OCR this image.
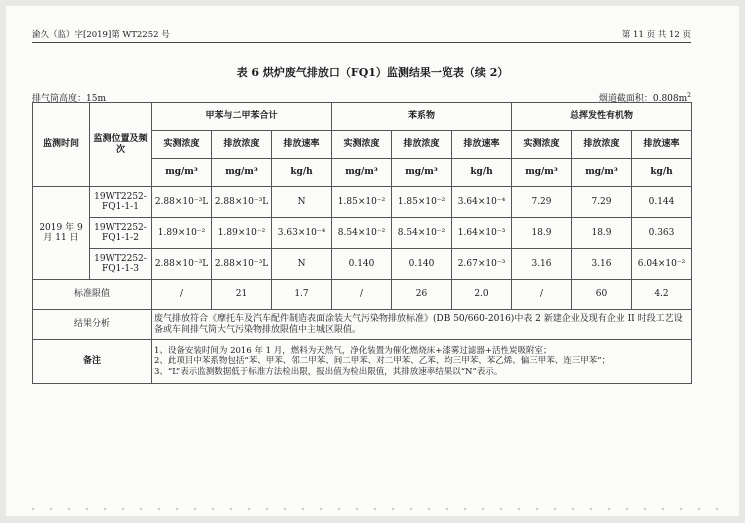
渝久（监）字[2019]第 WT2252 号	第 11 页 共 12 页
表 6 烘炉废气排放口（FQ1）监测结果一览表（续 2）
排气筒高度：15m	烟道截面积：$0.808m^2$
监测时间	监测位置及频次	甲苯与二甲苯合计			苯系物			总挥发性有机物		
		实测浓度	排放浓度	排放速率	实测浓度	排放浓度	排放速率	实测浓度	排放浓度	排放速率
		mg/m³	mg/m³	kg/h	mg/m³	mg/m³	kg/h	mg/m³	mg/m³	kg/h
2019 年 9 月 11 日	19WT2252-FQ1-1-1	2.88×10⁻³L	2.88×10⁻³L	N	1.85×10⁻²	1.85×10⁻²	3.64×10⁻⁴	7.29	7.29	0.144
	19WT2252-FQ1-1-2	1.89×10⁻²	1.89×10⁻²	3.63×10⁻⁴	8.54×10⁻²	8.54×10⁻²	1.64×10⁻³	18.9	18.9	0.363
	19WT2252-FQ1-1-3	2.88×10⁻³L	2.88×10⁻³L	N	0.140	0.140	2.67×10⁻³	3.16	3.16	6.04×10⁻²
标准限值		/	21	1.7	/	26	2.0	/	60	4.2
结果分析		废气排放符合《摩托车及汽车配件制造表面涂装大气污染物排放标准》(DB 50/660-2016)中表 2 新建企业及现有企业 II 时段工艺设备或车间排气筒大气污染物排放限值中主城区限值。								
备注		1、设备安装时间为 2016 年 1 月，燃料为天然气，净化装置为催化燃烧床+漆雾过滤器+活性炭吸附室；
2、此项目中苯系物包括“苯、甲苯、邻二甲苯、间二甲苯、对二甲苯、乙苯、均三甲苯、苯乙烯、偏三甲苯、连三甲苯”；
3、“L”表示监测数据低于标准方法检出限，报出值为检出限值，其排放速率结果以“N”表示。								
